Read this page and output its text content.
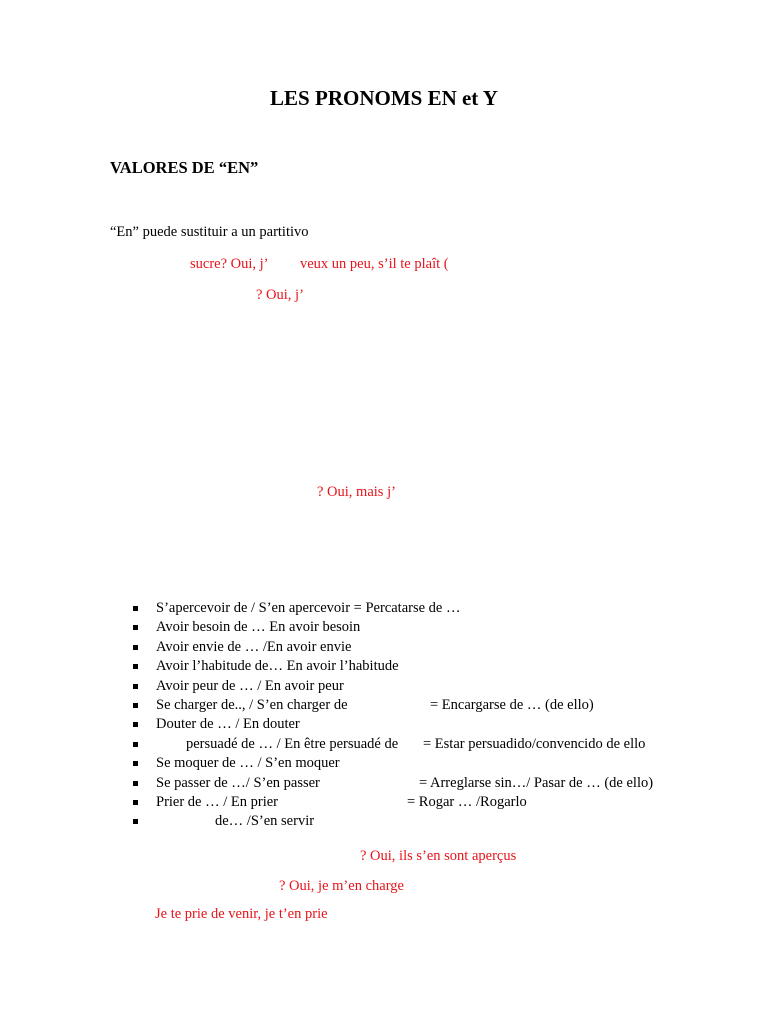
LES PRONOMS EN et Y
VALORES DE “EN”
“En” puede sustituir a un partitivo
sucre? Oui, j’ veux un peu, s’il te plaît (
? Oui, j’
? Oui, mais j’
S’apercevoir de / S’en apercevoir = Percatarse de …
Avoir besoin de … En avoir besoin
Avoir envie de … /En avoir envie
Avoir l’habitude de… En avoir l’habitude
Avoir peur de … / En avoir peur
Se charger de.., / S’en charger de	= Encargarse de … (de ello)
Douter de … / En douter
persuadé de … / En être persuadé de = Estar persuadido/convencido de ello
Se moquer de … / S’en moquer
Se passer de …/ S’en passer	= Arreglarse sin…/ Pasar de … (de ello)
Prier de … / En prier	= Rogar … /Rogarlo
de… /S’en servir
? Oui, ils s’en sont aperçus
? Oui, je m’en charge
Je te prie de venir, je t’en prie
